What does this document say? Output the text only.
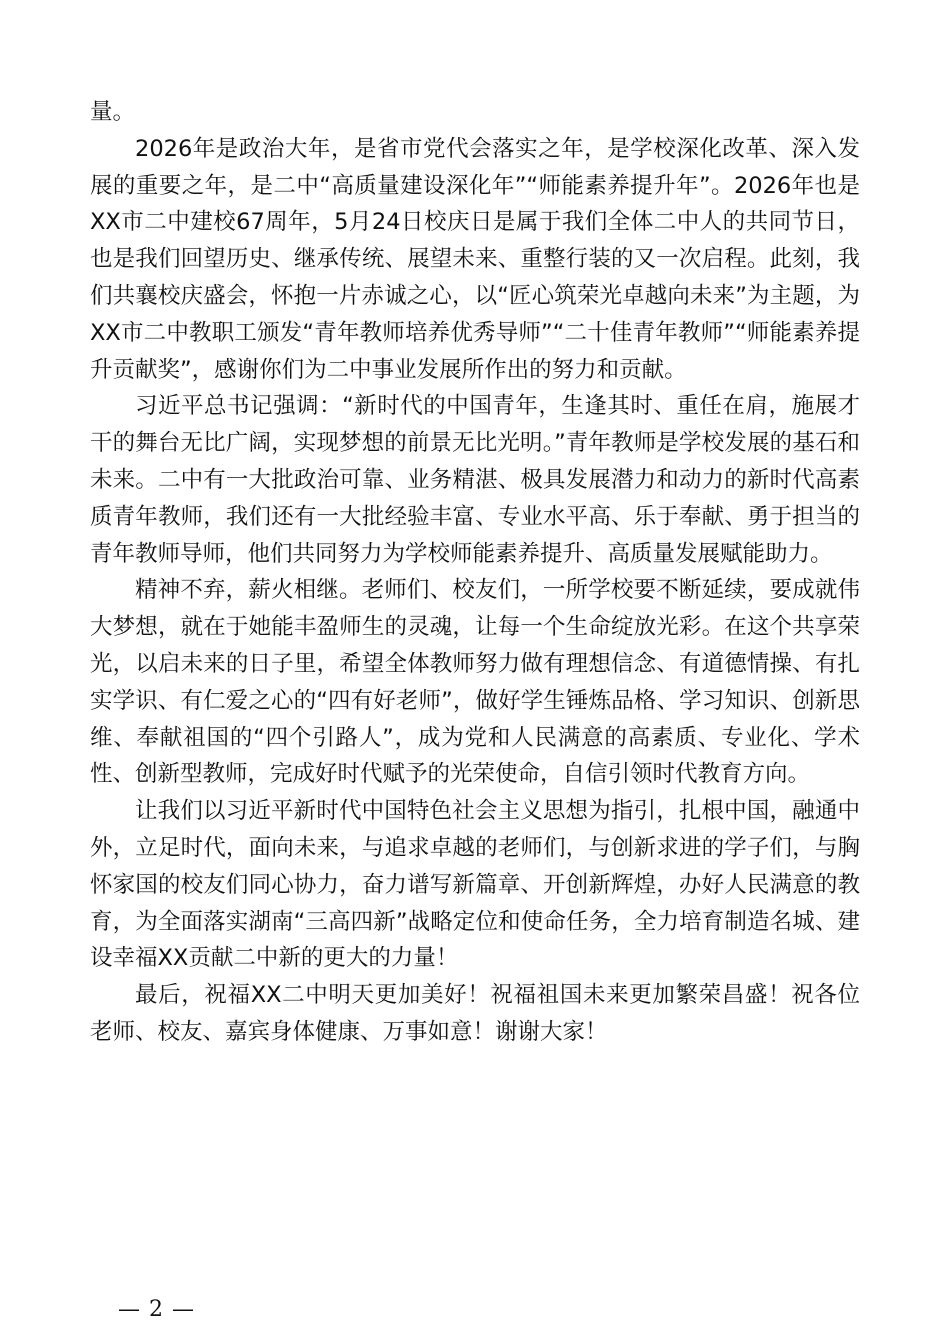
量。

2026年是政治大年，是省市党代会落实之年，是学校深化改革、深入发展的重要之年，是二中“高质量建设深化年”“师能素养提升年”。2026年也是XX市二中建校67周年，5月24日校庆日是属于我们全体二中人的共同节日，也是我们回望历史、继承传统、展望未来、重整行装的又一次启程。此刻，我们共襄校庆盛会，怀抱一片赤诚之心，以“匠心筑荣光卓越向未来”为主题，为XX市二中教职工颁发“青年教师培养优秀导师”“二十佳青年教师”“师能素养提升贡献奖”，感谢你们为二中事业发展所作出的努力和贡献。

习近平总书记强调：“新时代的中国青年，生逢其时、重任在肩，施展才干的舞台无比广阔，实现梦想的前景无比光明。”青年教师是学校发展的基石和未来。二中有一大批政治可靠、业务精湛、极具发展潜力和动力的新时代高素质青年教师，我们还有一大批经验丰富、专业水平高、乐于奉献、勇于担当的青年教师导师，他们共同努力为学校师能素养提升、高质量发展赋能助力。

精神不弃，薪火相继。老师们、校友们，一所学校要不断延续，要成就伟大梦想，就在于她能丰盈师生的灵魂，让每一个生命绽放光彩。在这个共享荣光，以启未来的日子里，希望全体教师努力做有理想信念、有道德情操、有扎实学识、有仁爱之心的“四有好老师”，做好学生锤炼品格、学习知识、创新思维、奉献祖国的“四个引路人”，成为党和人民满意的高素质、专业化、学术性、创新型教师，完成好时代赋予的光荣使命，自信引领时代教育方向。

让我们以习近平新时代中国特色社会主义思想为指引，扎根中国，融通中外，立足时代，面向未来，与追求卓越的老师们，与创新求进的学子们，与胸怀家国的校友们同心协力，奋力谱写新篇章、开创新辉煌，办好人民满意的教育，为全面落实湖南“三高四新”战略定位和使命任务，全力培育制造名城、建设幸福XX贡献二中新的更大的力量！

最后，祝福XX二中明天更加美好！祝福祖国未来更加繁荣昌盛！祝各位老师、校友、嘉宾身体健康、万事如意！谢谢大家！

— 2 —
